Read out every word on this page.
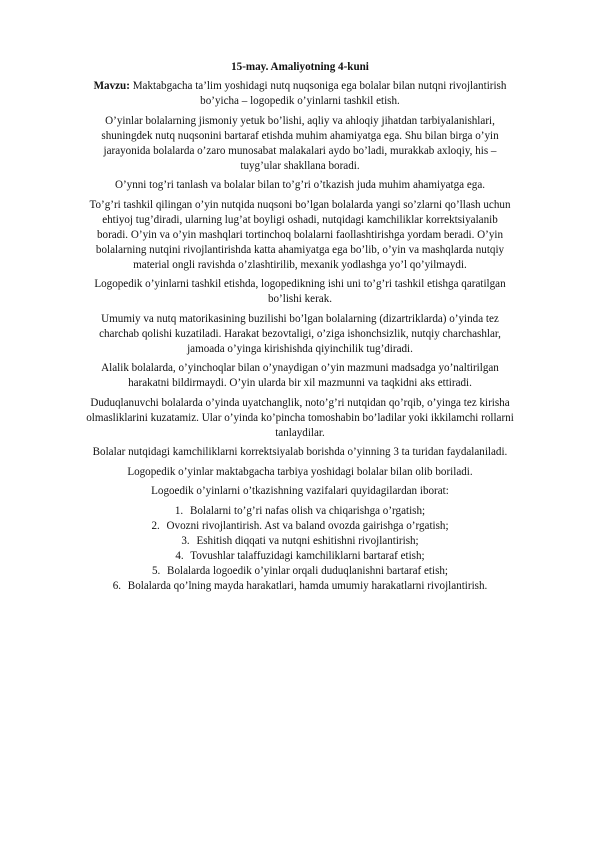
15-may. Amaliyotning 4-kuni
Mavzu: Maktabgacha ta’lim yoshidagi nutq nuqsoniga ega bolalar bilan nutqni rivojlantirish bo’yicha – logopedik o’yinlarni tashkil etish.
O’yinlar bolalarning jismoniy yetuk bo’lishi, aqliy va ahloqiy jihatdan tarbiyalanishlari, shuningdek nutq nuqsonini bartaraf etishda muhim ahamiyatga ega. Shu bilan birga o’yin jarayonida bolalarda o’zaro munosabat malakalari aydo bo’ladi, murakkab axloqiy, his – tuyg’ular shakllana boradi.
O’ynni tog’ri tanlash va bolalar bilan to’g’ri o’tkazish juda muhim ahamiyatga ega.
To’g’ri tashkil qilingan o’yin nutqida nuqsoni bo’lgan bolalarda yangi so’zlarni qo’llash uchun ehtiyoj tug’diradi, ularning lug’at boyligi oshadi, nutqidagi kamchiliklar korrektsiyalanib boradi. O’yin va o’yin mashqlari tortinchoq bolalarni faollashtirishga yordam beradi. O’yin bolalarning nutqini rivojlantirishda katta ahamiyatga ega bo’lib, o’yin va mashqlarda nutqiy material ongli ravishda o’zlashtirilib, mexanik yodlashga yo’l qo’yilmaydi.
Logopedik o’yinlarni tashkil etishda, logopedikning ishi uni to’g’ri tashkil etishga qaratilgan bo’lishi kerak.
Umumiy va nutq matorikasining buzilishi bo’lgan bolalarning (dizartriklarda) o’yinda tez charchab qolishi kuzatiladi. Harakat bezovtaligi, o’ziga ishonchsizlik, nutqiy charchashlar, jamoada o’yinga kirishishda qiyinchilik tug’diradi.
Alalik bolalarda, o’yinchoqlar bilan o’ynaydigan o’yin mazmuni madsadga yo’naltirilgan harakatni bildirmaydi. O’yin ularda bir xil mazmunni va taqkidni aks ettiradi.
Duduqlanuvchi bolalarda o’yinda uyatchanglik, noto’g’ri nutqidan qo’rqib, o’yinga tez kirisha olmasliklarini kuzatamiz. Ular o’yinda ko’pincha tomoshabin bo’ladilar yoki ikkilamchi rollarni tanlaydilar.
Bolalar nutqidagi kamchiliklarni korrektsiyalab borishda o’yinning 3 ta turidan faydalaniladi.
Logopedik o’yinlar maktabgacha tarbiya yoshidagi bolalar bilan olib boriladi.
Logoedik o’yinlarni o’tkazishning vazifalari quyidagilardan iborat:
1. Bolalarni to’g’ri nafas olish va chiqarishga o’rgatish;
2. Ovozni rivojlantirish. Ast va baland ovozda gairishga o’rgatish;
3. Eshitish diqqati va nutqni eshitishni rivojlantirish;
4. Tovushlar talaffuzidagi kamchiliklarni bartaraf etish;
5. Bolalarda logoedik o’yinlar orqali duduqlanishni bartaraf etish;
6. Bolalarda qo’lning mayda harakatlari, hamda umumiy harakatlarni rivojlantirish.
